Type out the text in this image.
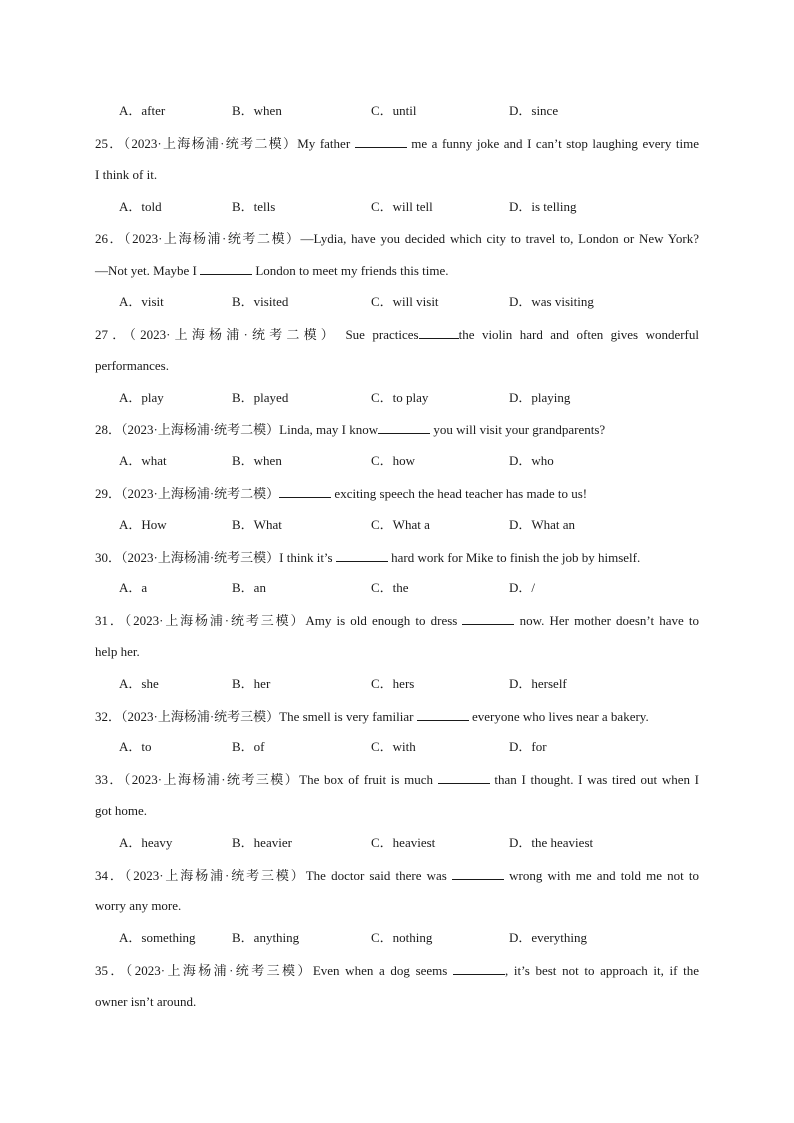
A．after	B．when	C．until	D．since
25．（2023·上海杨浦·统考二模）My father	me a funny joke and I can’t stop laughing every time
I think of it.
A．told	B．tells	C．will tell	D．is telling
26．（2023·上海杨浦·统考二模）—Lydia, have you decided which city to travel to, London or New York?
—Not yet. Maybe I	London to meet my friends this time.
A．visit	B．visited	C．will visit	D．was visiting
27．（2023·上海杨浦·统考二模） Sue practices	the violin hard and often gives wonderful
performances.
A．play	B．played	C．to play	D．playing
28．（2023·上海杨浦·统考二模）Linda, may I know	you will visit your grandparents?
A．what	B．when	C．how	D．who
29．（2023·上海杨浦·统考二模）	exciting speech the head teacher has made to us!
A．How	B．What	C．What a	D．What an
30．（2023·上海杨浦·统考三模）I think it’s	hard work for Mike to finish the job by himself.
A．a	B．an	C．the	D．/
31．（2023·上海杨浦·统考三模）Amy is old enough to dress	now. Her mother doesn’t have to
help her.
A．she	B．her	C．hers	D．herself
32．（2023·上海杨浦·统考三模）The smell is very familiar	everyone who lives near a bakery.
A．to	B．of	C．with	D．for
33．（2023·上海杨浦·统考三模）The box of fruit is much	than I thought. I was tired out when I
got home.
A．heavy	B．heavier	C．heaviest	D．the heaviest
34．（2023·上海杨浦·统考三模）The doctor said there was	wrong with me and told me not to
worry any more.
A．something	B．anything	C．nothing	D．everything
35．（2023·上海杨浦·统考三模）Even when a dog seems	, it’s best not to approach it, if the
owner isn’t around.
